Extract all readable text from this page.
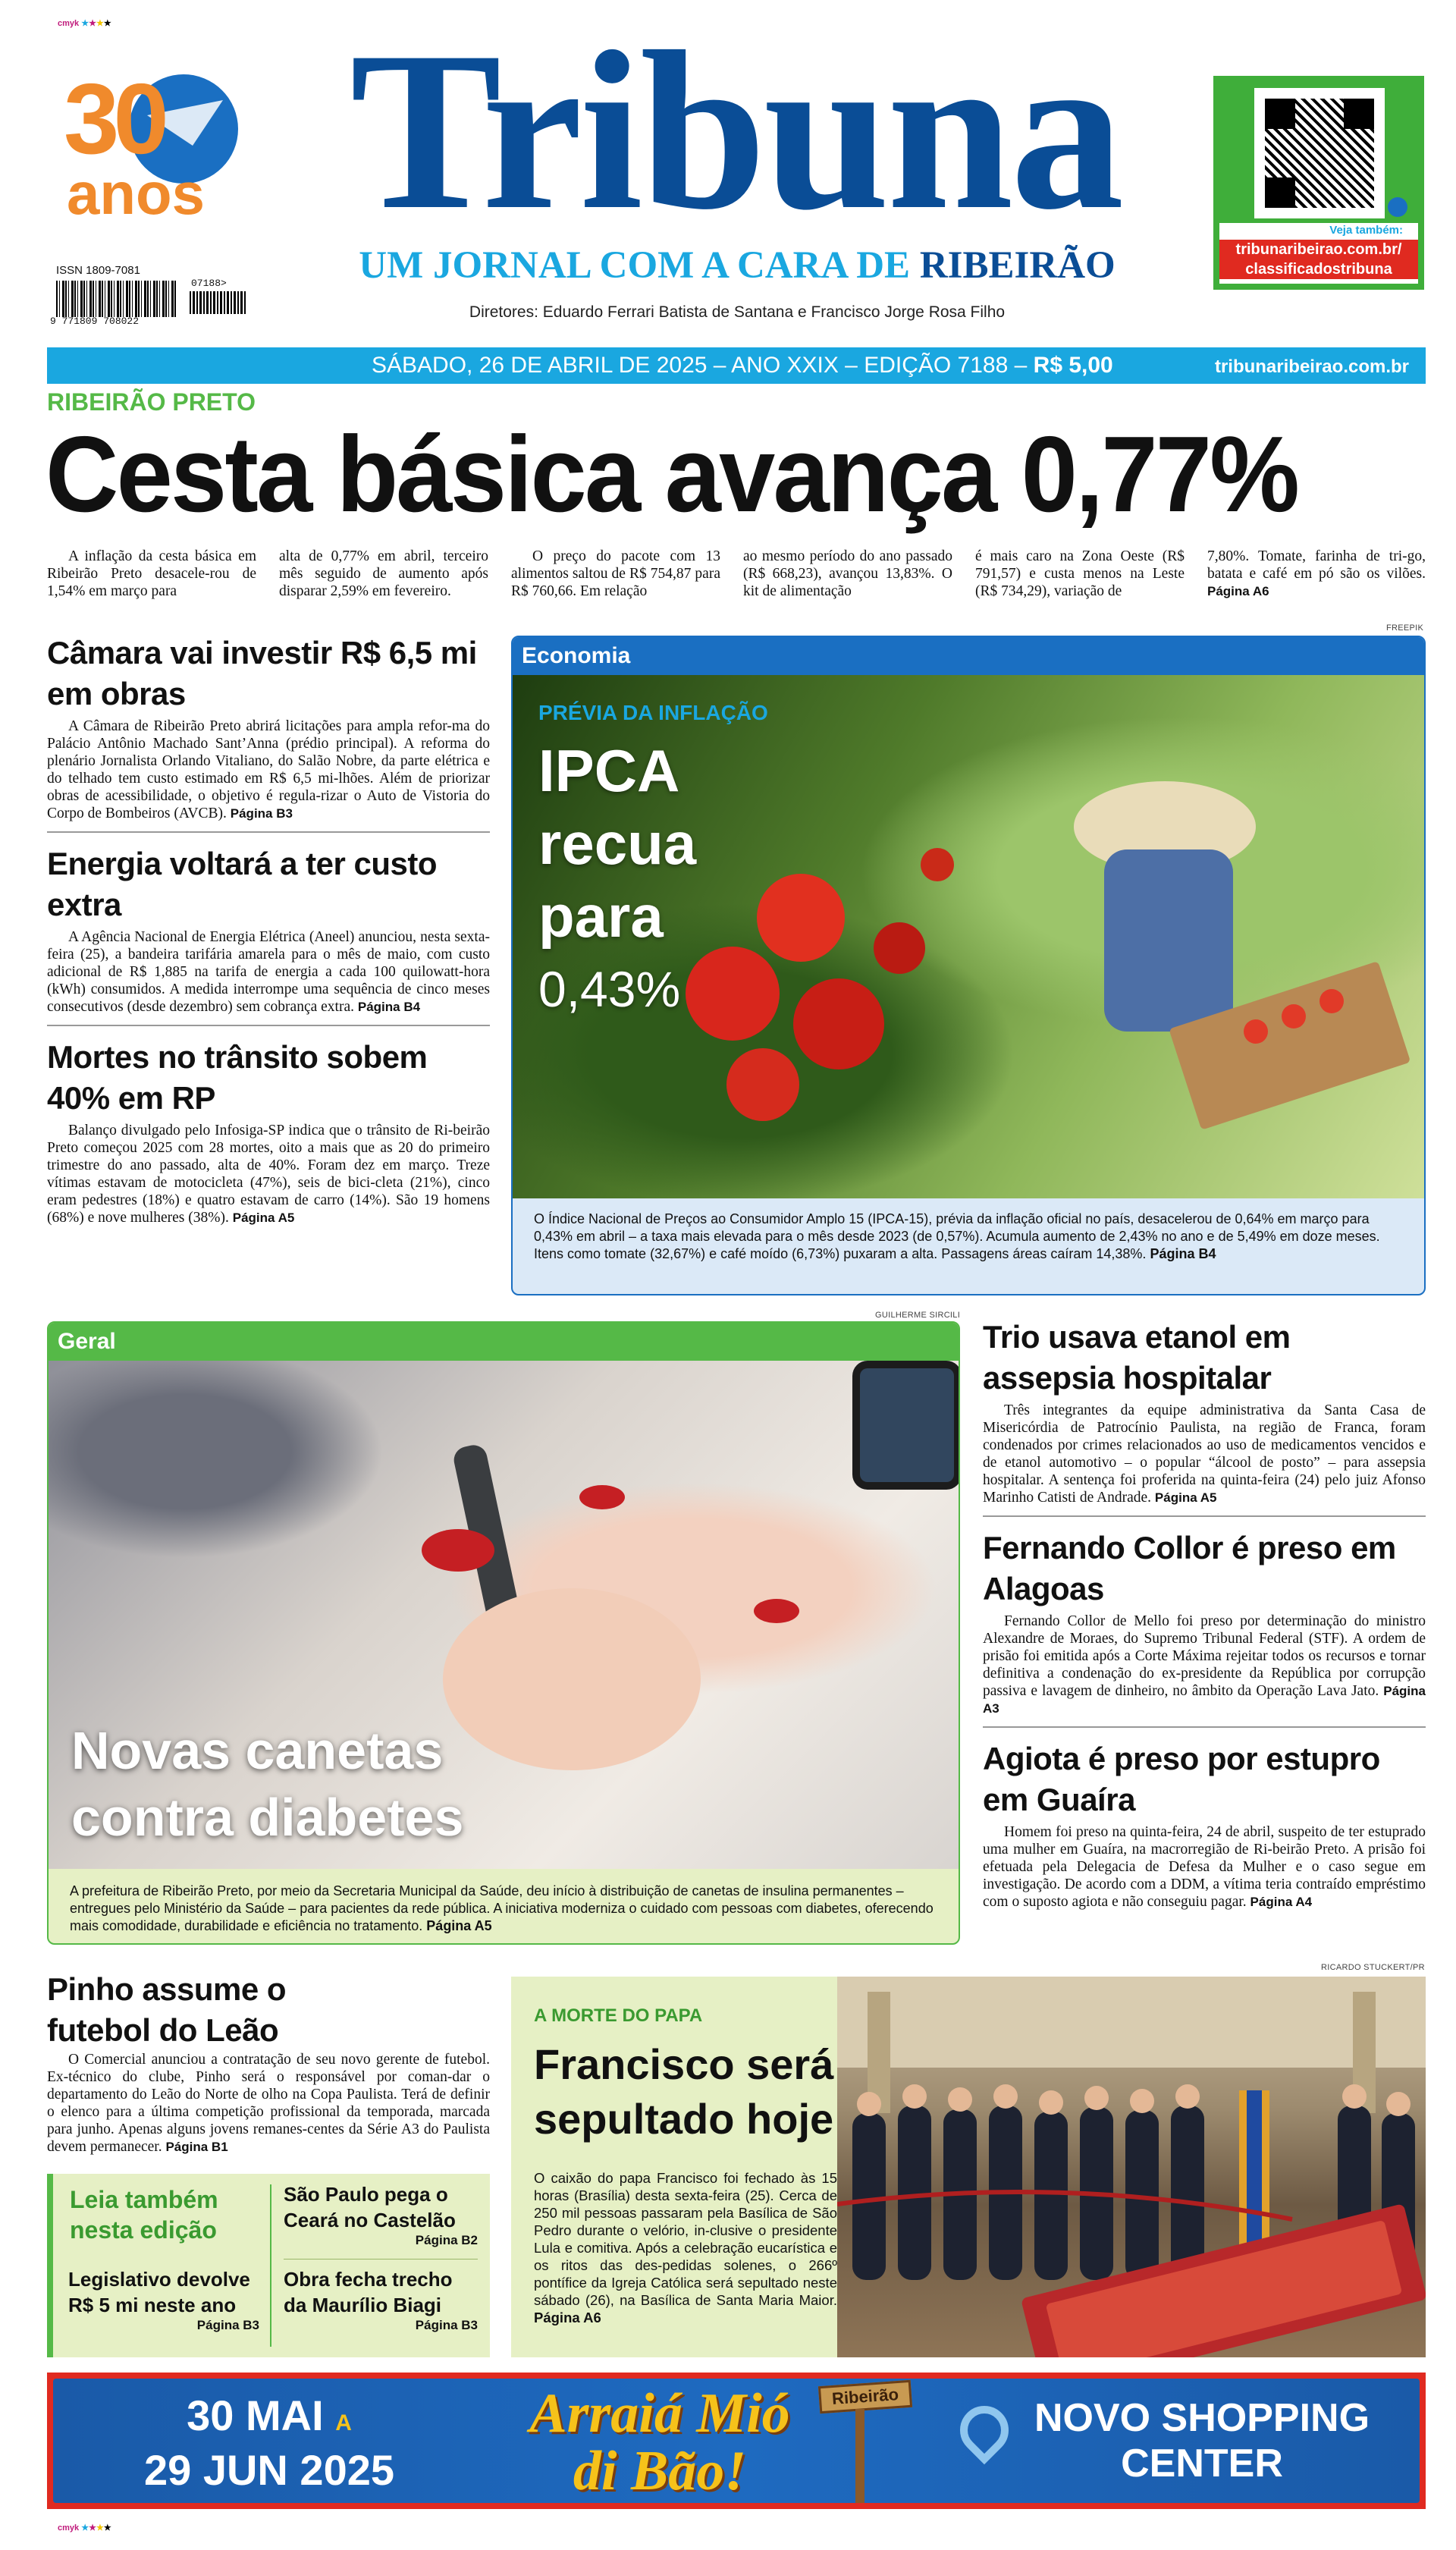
cmyk ★★★★
30
anos
ISSN 1809-7081
9 771809 708022
07188>
Tribuna
UM JORNAL COM A CARA DE RIBEIRÃO
Diretores: Eduardo Ferrari Batista de Santana e Francisco Jorge Rosa Filho
Veja também:
tribunaribeirao.com.br/
classificadostribuna
SÁBADO, 26 DE ABRIL DE 2025 – ANO XXIX – EDIÇÃO 7188 – R$ 5,00	tribunaribeirao.com.br
RIBEIRÃO PRETO
Cesta básica avança 0,77%
A inflação da cesta básica em Ribeirão Preto desacele-rou de 1,54% em março para
alta de 0,77% em abril, terceiro mês seguido de aumento após disparar 2,59% em fevereiro.
O preço do pacote com 13 alimentos saltou de R$ 754,87 para R$ 760,66. Em relação
ao mesmo período do ano passado (R$ 668,23), avançou 13,83%. O kit de alimentação
é mais caro na Zona Oeste (R$ 791,57) e custa menos na Leste (R$ 734,29), variação de
7,80%. Tomate, farinha de tri-go, batata e café em pó são os vilões. Página A6
Câmara vai investir R$ 6,5 mi em obras
A Câmara de Ribeirão Preto abrirá licitações para ampla refor-ma do Palácio Antônio Machado Sant’Anna (prédio principal). A reforma do plenário Jornalista Orlando Vitaliano, do Salão Nobre, da parte elétrica e do telhado tem custo estimado em R$ 6,5 mi-lhões. Além de priorizar obras de acessibilidade, o objetivo é regula-rizar o Auto de Vistoria do Corpo de Bombeiros (AVCB). Página B3
Energia voltará a ter custo extra
A Agência Nacional de Energia Elétrica (Aneel) anunciou, nesta sexta-feira (25), a bandeira tarifária amarela para o mês de maio, com custo adicional de R$ 1,885 na tarifa de energia a cada 100 quilowatt-hora (kWh) consumidos. A medida interrompe uma sequência de cinco meses consecutivos (desde dezembro) sem cobrança extra. Página B4
Mortes no trânsito sobem 40% em RP
Balanço divulgado pelo Infosiga-SP indica que o trânsito de Ri-beirão Preto começou 2025 com 28 mortes, oito a mais que as 20 do primeiro trimestre do ano passado, alta de 40%. Foram dez em março. Treze vítimas estavam de motocicleta (47%), seis de bici-cleta (21%), cinco eram pedestres (18%) e quatro estavam de carro (14%). São 19 homens (68%) e nove mulheres (38%). Página A5
FREEPIK
Economia
PRÉVIA DA INFLAÇÃO
IPCA
recua
para
0,43%
O Índice Nacional de Preços ao Consumidor Amplo 15 (IPCA-15), prévia da inflação oficial no país, desacelerou de 0,64% em março para 0,43% em abril – a taxa mais elevada para o mês desde 2023 (de 0,57%). Acumula aumento de 2,43% no ano e de 5,49% em doze meses. Itens como tomate (32,67%) e café moído (6,73%) puxaram a alta. Passagens áreas caíram 14,38%. Página B4
GUILHERME SIRCILI
Geral
Novas canetas
contra diabetes
A prefeitura de Ribeirão Preto, por meio da Secretaria Municipal da Saúde, deu início à distribuição de canetas de insulina permanentes – entregues pelo Ministério da Saúde – para pacientes da rede pública. A iniciativa moderniza o cuidado com pessoas com diabetes, oferecendo mais comodidade, durabilidade e eficiência no tratamento. Página A5
Trio usava etanol em assepsia hospitalar
Três integrantes da equipe administrativa da Santa Casa de Misericórdia de Patrocínio Paulista, na região de Franca, foram condenados por crimes relacionados ao uso de medicamentos vencidos e de etanol automotivo – o popular “álcool de posto” – para assepsia hospitalar. A sentença foi proferida na quinta-feira (24) pelo juiz Afonso Marinho Catisti de Andrade. Página A5
Fernando Collor é preso em Alagoas
Fernando Collor de Mello foi preso por determinação do ministro Alexandre de Moraes, do Supremo Tribunal Federal (STF). A ordem de prisão foi emitida após a Corte Máxima rejeitar todos os recursos e tornar definitiva a condenação do ex-presidente da República por corrupção passiva e lavagem de dinheiro, no âmbito da Operação Lava Jato. Página A3
Agiota é preso por estupro em Guaíra
Homem foi preso na quinta-feira, 24 de abril, suspeito de ter estuprado uma mulher em Guaíra, na macrorregião de Ri-beirão Preto. A prisão foi efetuada pela Delegacia de Defesa da Mulher e o caso segue em investigação. De acordo com a DDM, a vítima teria contraído empréstimo com o suposto agiota e não conseguiu pagar. Página A4
Pinho assume o futebol do Leão
O Comercial anunciou a contratação de seu novo gerente de futebol. Ex-técnico do clube, Pinho será o responsável por coman-dar o departamento do Leão do Norte de olho na Copa Paulista. Terá de definir o elenco para a última competição profissional da temporada, marcada para junho. Apenas alguns jovens remanes-centes da Série A3 do Paulista devem permanecer. Página B1
Leia também
nesta edição
Legislativo devolve R$ 5 mi neste ano
Página B3
São Paulo pega o Ceará no Castelão
Página B2
Obra fecha trecho da Maurílio Biagi
Página B3
RICARDO STUCKERT/PR
A MORTE DO PAPA
Francisco será sepultado hoje
O caixão do papa Francisco foi fechado às 15 horas (Brasília) desta sexta-feira (25). Cerca de 250 mil pessoas passaram pela Basílica de São Pedro durante o velório, in-clusive o presidente Lula e comitiva. Após a celebração eucarística e os ritos das des-pedidas solenes, o 266º pontífice da Igreja Católica será sepultado neste sábado (26), na Basílica de Santa Maria Maior. Página A6
30 MAI A
29 JUN 2025
Arraiá Mió
di Bão!
Ribeirão	NOVO SHOPPING
CENTER
cmyk ★★★★
